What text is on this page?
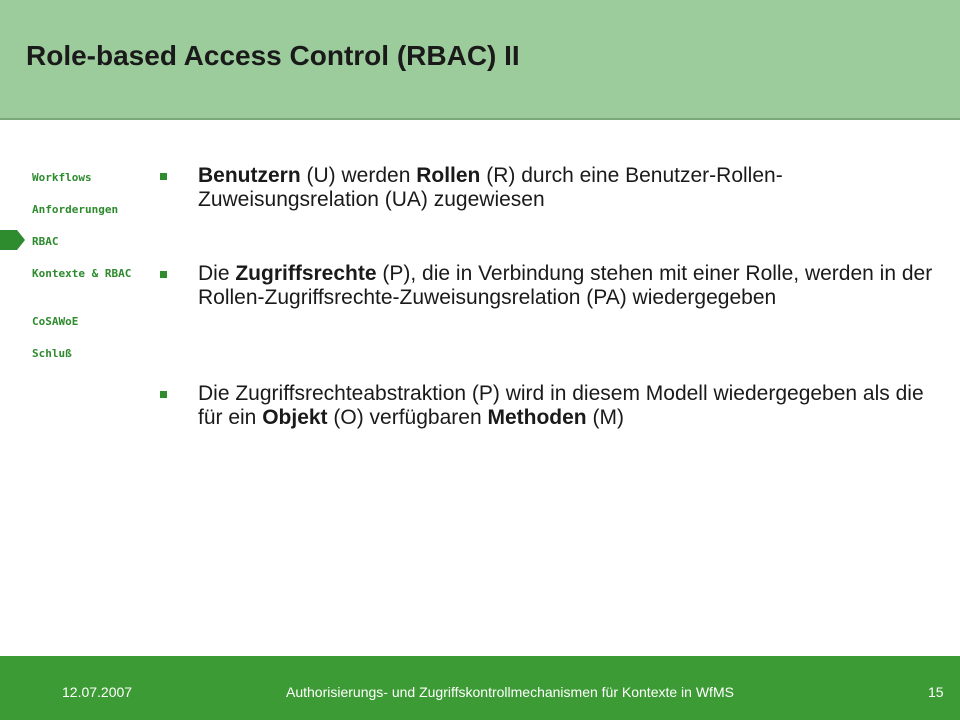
Role-based Access Control (RBAC) II
Workflows
Anforderungen
RBAC
Kontexte & RBAC
CoSAWoE
Schluß
Benutzern (U) werden Rollen (R) durch eine Benutzer-Rollen-Zuweisungsrelation (UA) zugewiesen
Die Zugriffsrechte (P), die in Verbindung stehen mit einer Rolle, werden in der Rollen-Zugriffsrechte-Zuweisungsrelation (PA) wiedergegeben
Die Zugriffsrechteabstraktion (P) wird in diesem Modell wiedergegeben als die für ein Objekt (O) verfügbaren Methoden (M)
12.07.2007	Authorisierungs- und Zugriffskontrollmechanismen für Kontexte in WfMS	15
